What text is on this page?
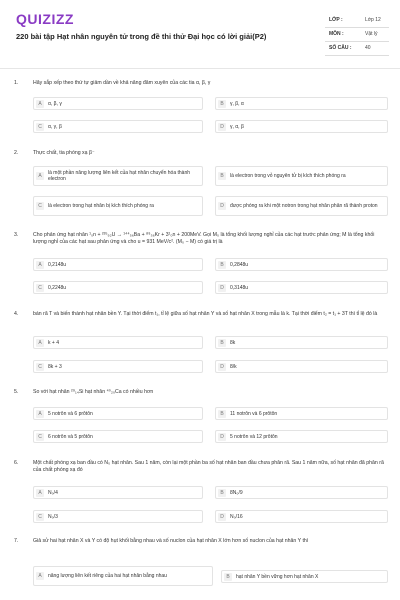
QUIZIZZ
220 bài tập Hạt nhân nguyên tử trong đề thi thử Đại học có lời giải(P2)
LỚP :	Lớp 12
MÔN :	Vật lý
SỐ CÂU :	40
1.	Hãy sắp xếp theo thứ tự giảm dần về khả năng đâm xuyên của các tia α, β, γ
A	α, β, γ	B	γ, β, α
C	α, γ, β	D	γ, α, β
2.	Thực chất, tia phóng xạ β⁻
A	là một phần năng lượng liên kết của hạt nhân chuyển hóa thành electron	B	là electron trong vỏ nguyên tử bị kích thích phóng ra
C	là electron trong hạt nhân bị kích thích phóng ra	D	được phóng ra khi một notron trong hạt nhân phân rã thành proton
3.	Cho phản ứng hạt nhân ¹₀n + ²³⁵₉₂U → ¹⁴⁴₅₆Ba + ⁸⁹₃₆Kr + 3¹₀n + 200MeV. Gọi M₀ là tổng khối lượng nghỉ của các hạt trước phản ứng; M là tổng khối lượng nghỉ của các hạt sau phản ứng và cho u = 931 MeV/c². (M₀ − M) có giá trị là
A	0,2148u	B	0,2848u
C	0,2248u	D	0,3148u
4.	bán rã T và biến thành hạt nhân bền Y. Tại thời điểm t₁, tỉ lệ giữa số hạt nhân Y và số hạt nhân X trong mẫu là k. Tại thời điểm t₂ = t₁ + 3T thì tỉ lệ đó là
A	k + 4	B	8k
C	8k + 3	D	8/k
5.	So với hạt nhân ²⁹₁₄Si hạt nhân ⁴⁰₂₀Ca có nhiều hơn
A	5 notrôn và 6 prôtôn	B	11 notrôn và 6 prôtôn
C	6 notrôn và 5 prôtôn	D	5 notrôn và 12 prôtôn
6.	Một chất phóng xạ ban đầu có N₀ hạt nhân. Sau 1 năm, còn lại một phần ba số hạt nhân ban đầu chưa phân rã. Sau 1 năm nữa, số hạt nhân đã phân rã của chất phóng xạ đó
A	N₀/4	B	8N₀/9
C	N₀/3	D	N₀/16
7.	Giả sử hai hạt nhân X và Y có độ hụt khối bằng nhau và số nuclon của hạt nhân X lớn hơn số nuclon của hạt nhân Y thì
A	năng lượng liên kết riêng của hai hạt nhân bằng nhau	B	hạt nhân Y bền vững hơn hạt nhân X
